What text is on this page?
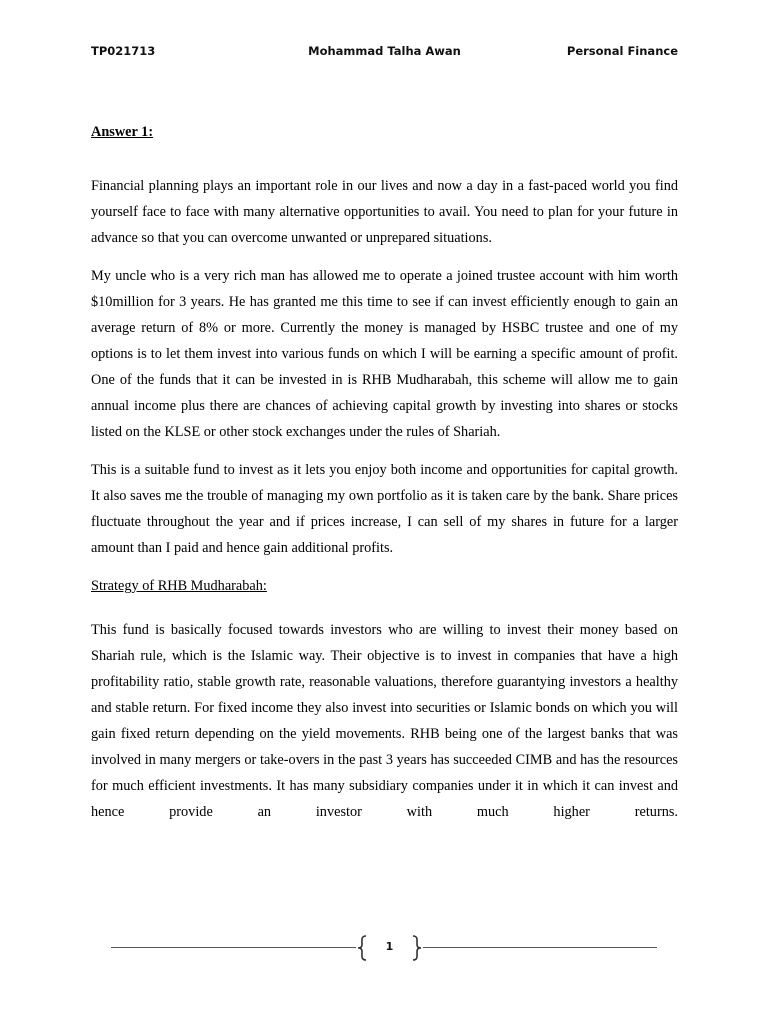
TP021713	Mohammad Talha Awan	Personal Finance
Answer 1:

Financial planning plays an important role in our lives and now a day in a fast-paced world you find yourself face to face with many alternative opportunities to avail. You need to plan for your future in advance so that you can overcome unwanted or unprepared situations.

My uncle who is a very rich man has allowed me to operate a joined trustee account with him worth $10million for 3 years. He has granted me this time to see if can invest efficiently enough to gain an average return of 8% or more. Currently the money is managed by HSBC trustee and one of my options is to let them invest into various funds on which I will be earning a specific amount of profit. One of the funds that it can be invested in is RHB Mudharabah, this scheme will allow me to gain annual income plus there are chances of achieving capital growth by investing into shares or stocks listed on the KLSE or other stock exchanges under the rules of Shariah.

This is a suitable fund to invest as it lets you enjoy both income and opportunities for capital growth. It also saves me the trouble of managing my own portfolio as it is taken care by the bank. Share prices fluctuate throughout the year and if prices increase, I can sell of my shares in future for a larger amount than I paid and hence gain additional profits.

Strategy of RHB Mudharabah:

This fund is basically focused towards investors who are willing to invest their money based on Shariah rule, which is the Islamic way. Their objective is to invest in companies that have a high profitability ratio, stable growth rate, reasonable valuations, therefore guarantying investors a healthy and stable return. For fixed income they also invest into securities or Islamic bonds on which you will gain fixed return depending on the yield movements. RHB being one of the largest banks that was involved in many mergers or take-overs in the past 3 years has succeeded CIMB and has the resources for much efficient investments. It has many subsidiary companies under it in which it can invest and hence provide an investor with much higher returns.

1
